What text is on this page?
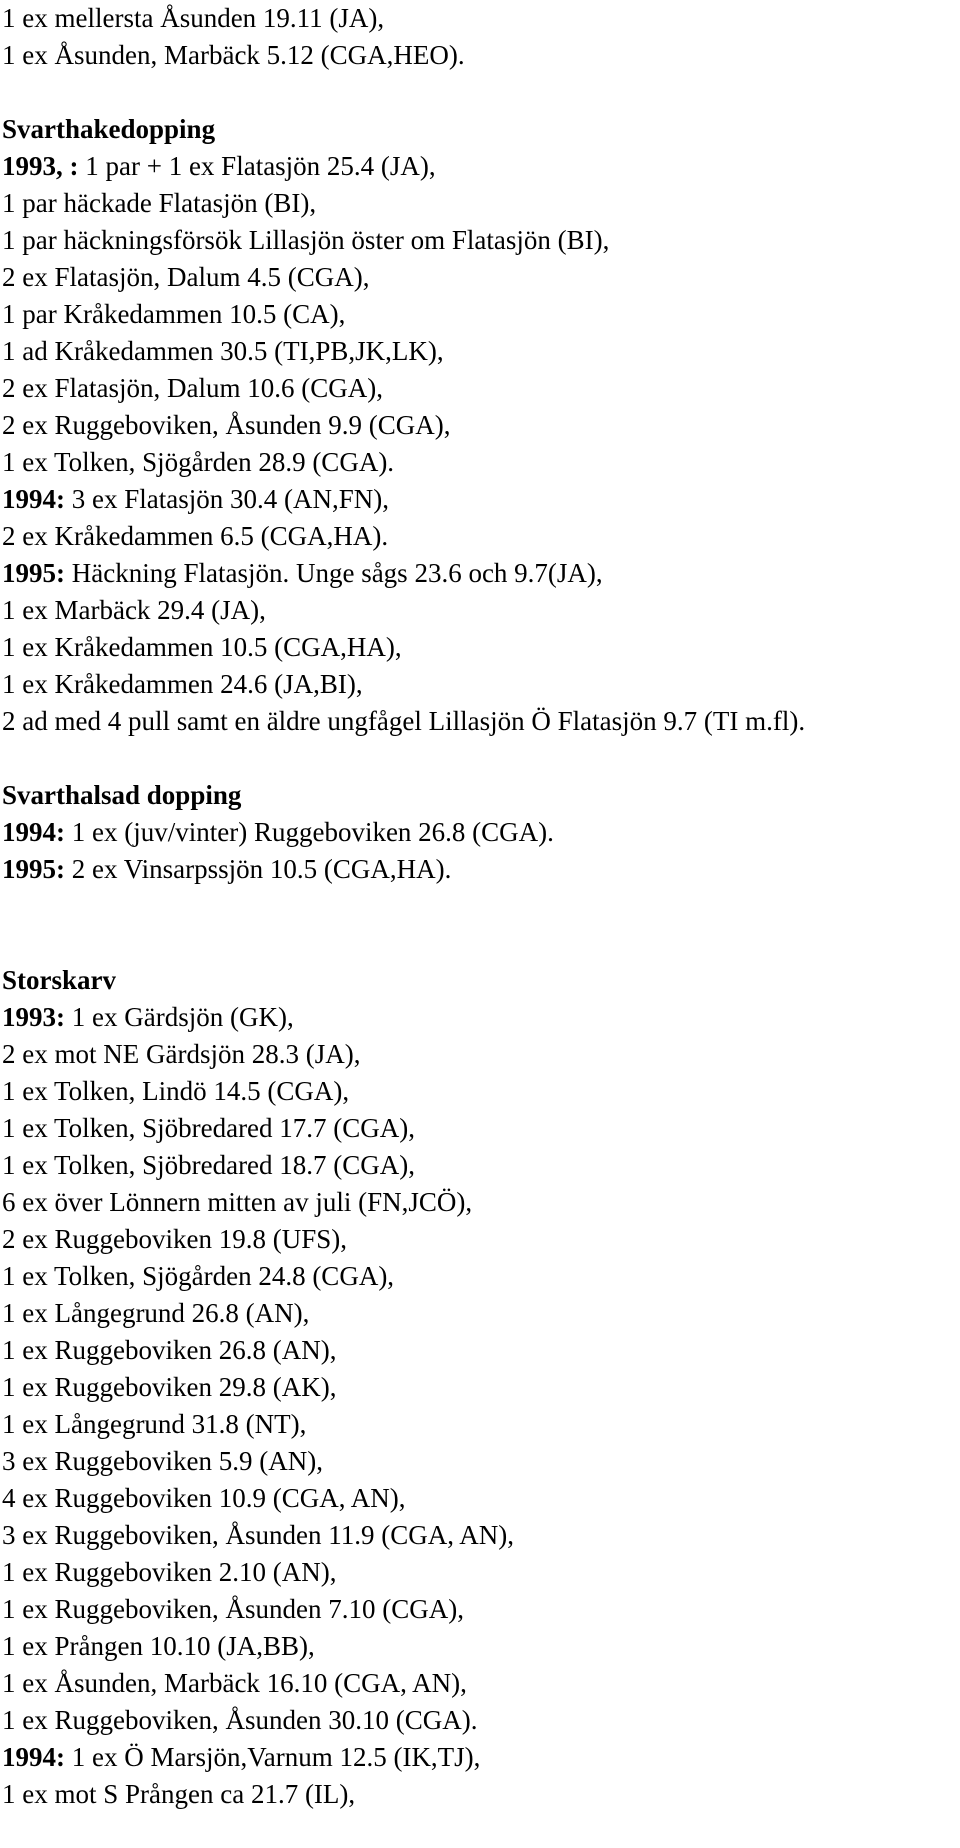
1 ex mellersta Åsunden 19.11 (JA),
1 ex Åsunden, Marbäck 5.12 (CGA,HEO).
Svarthakedopping
1993, : 1 par + 1 ex Flatasjön 25.4 (JA),
1 par häckade Flatasjön (BI),
1 par häckningsförsök Lillasjön öster om Flatasjön (BI),
2 ex Flatasjön, Dalum 4.5 (CGA),
1 par Kråkedammen 10.5 (CA),
1 ad Kråkedammen 30.5 (TI,PB,JK,LK),
2 ex Flatasjön, Dalum 10.6 (CGA),
2 ex Ruggeboviken, Åsunden 9.9 (CGA),
1 ex Tolken, Sjögården 28.9 (CGA).
1994: 3 ex Flatasjön 30.4 (AN,FN),
2 ex Kråkedammen 6.5 (CGA,HA).
1995: Häckning Flatasjön. Unge sågs 23.6 och 9.7(JA),
1 ex Marbäck 29.4 (JA),
1 ex Kråkedammen 10.5 (CGA,HA),
1 ex Kråkedammen 24.6 (JA,BI),
2 ad med 4 pull samt en äldre ungfågel Lillasjön Ö Flatasjön 9.7 (TI m.fl).
Svarthalsad dopping
1994: 1 ex (juv/vinter) Ruggeboviken 26.8 (CGA).
1995: 2 ex Vinsarpssjön 10.5 (CGA,HA).
Storskarv
1993: 1 ex Gärdsjön (GK),
2 ex mot NE Gärdsjön 28.3 (JA),
1 ex Tolken, Lindö 14.5 (CGA),
1 ex Tolken, Sjöbredared 17.7 (CGA),
1 ex Tolken, Sjöbredared 18.7 (CGA),
6 ex över Lönnern mitten av juli (FN,JCÖ),
2 ex Ruggeboviken 19.8 (UFS),
1 ex Tolken, Sjögården 24.8 (CGA),
1 ex Långegrund 26.8 (AN),
1 ex Ruggeboviken 26.8 (AN),
1 ex Ruggeboviken 29.8 (AK),
1 ex Långegrund 31.8 (NT),
3 ex Ruggeboviken 5.9 (AN),
4 ex Ruggeboviken 10.9 (CGA, AN),
3 ex Ruggeboviken, Åsunden 11.9 (CGA, AN),
1 ex Ruggeboviken 2.10 (AN),
1 ex Ruggeboviken, Åsunden 7.10 (CGA),
1 ex Prången 10.10 (JA,BB),
1 ex Åsunden, Marbäck 16.10 (CGA, AN),
1 ex Ruggeboviken, Åsunden 30.10 (CGA).
1994: 1 ex Ö Marsjön,Varnum 12.5 (IK,TJ),
1 ex mot S Prången ca 21.7 (IL),
